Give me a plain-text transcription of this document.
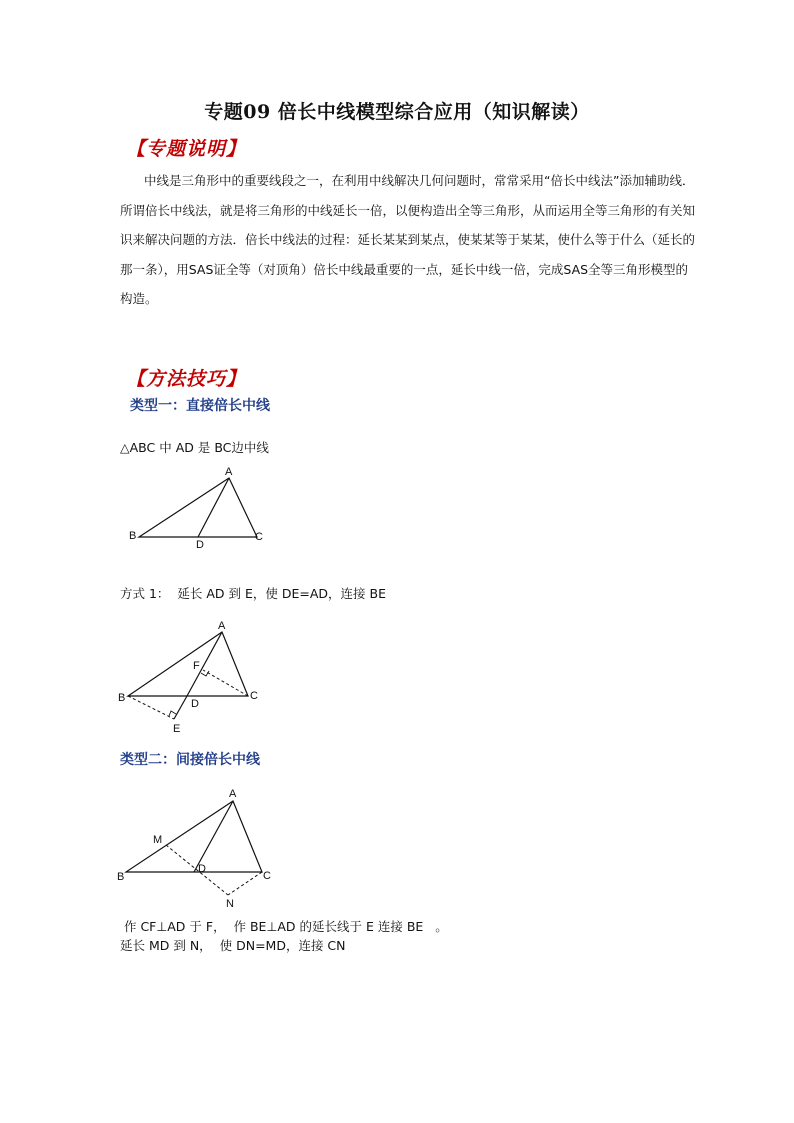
专题09 倍长中线模型综合应用（知识解读）
【专题说明】
中线是三角形中的重要线段之一，在利用中线解决几何问题时，常常采用“倍长中线法”添加辅助线．所谓倍长中线法，就是将三角形的中线延长一倍，以便构造出全等三角形，从而运用全等三角形的有关知识来解决问题的方法．倍长中线法的过程：延长某某到某点，使某某等于某某，使什么等于什么（延长的那一条），用SAS证全等（对顶角）倍长中线最重要的一点，延长中线一倍，完成SAS全等三角形模型的构造。
【方法技巧】
类型一：直接倍长中线
△ABC 中 AD 是 BC边中线
A
B
D
C
方式 1：  延长 AD 到 E，使 DE=AD，连接 BE
A
F
B	D
C
E
类型二：间接倍长中线
A
M
B
D
C
N
作 CF⊥AD 于 F，  作 BE⊥AD 的延长线于 E 连接 BE   。
延长 MD 到 N，  使 DN=MD，连接 CN
